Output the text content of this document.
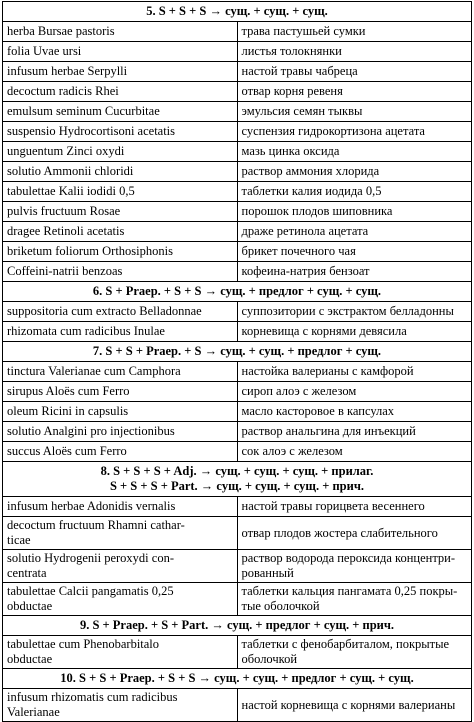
5. S + S + S → сущ. + сущ. + сущ.	
herba Bursae pastoris	трава пастушьей сумки
folia Uvae ursi	листья толокнянки
infusum herbae Serpylli	настой травы чабреца
decoctum radicis Rhei	отвар корня ревеня
emulsum seminum Cucurbitae	эмульсия семян тыквы
suspensio Hydrocortisoni acetatis	суспензия гидрокортизона ацетата
unguentum Zinci oxydi	мазь цинка оксида
solutio Ammonii chloridi	раствор аммония хлорида
tabulettae Kalii iodidi 0,5	таблетки калия иодида 0,5
pulvis fructuum Rosae	порошок плодов шиповника
dragee Retinoli acetatis	драже ретинола ацетата
briketum foliorum Orthosiphonis	брикет почечного чая
Coffeini-natrii benzoas	кофеина-натрия бензоат
6. S + Praep. + S + S → сущ. + предлог + сущ. + сущ.	
suppositoria cum extracto Belladonnae	суппозитории с экстрактом белладонны
rhizomata cum radicibus Inulae	корневища с корнями девясила
7. S + S + Praep. + S → сущ. + сущ. + предлог + сущ.	
tinctura Valerianae cum Camphora	настойка валерианы с камфорой
sirupus Aloës cum Ferro	сироп алоэ с железом
oleum Ricini in capsulis	масло касторовое в капсулах
solutio Analgini pro injectionibus	раствор анальгина для инъекций
succus Aloës cum Ferro	сок алоэ с железом
8. S + S + S + Adj. → сущ. + сущ. + сущ. + прилаг.
S + S + S + Part. → сущ. + сущ. + сущ. + прич.	
infusum herbae Adonidis vernalis	настой травы горицвета весеннего

decoctum fructuum Rhamni cathar-
ticae	отвар плодов жостера слабительного

solutio Hydrogenii peroxydi con-
centrata	раствор водорода пероксида концентри-
рованный

tabulettae Calcii pangamatis 0,25
obductae	таблетки кальция пангамата 0,25 покры-
тые оболочкой

9. S + Praep. + S + Part. → сущ. + предлог + сущ. + прич.	

tabulettae cum Phenobarbitalo
obductae	таблетки с фенобарбиталом, покрытые
оболочкой

10. S + S + Praep. + S + S → сущ. + сущ. + предлог + сущ. + сущ.	

infusum rhizomatis cum radicibus
Valerianae	настой корневища с корнями валерианы
